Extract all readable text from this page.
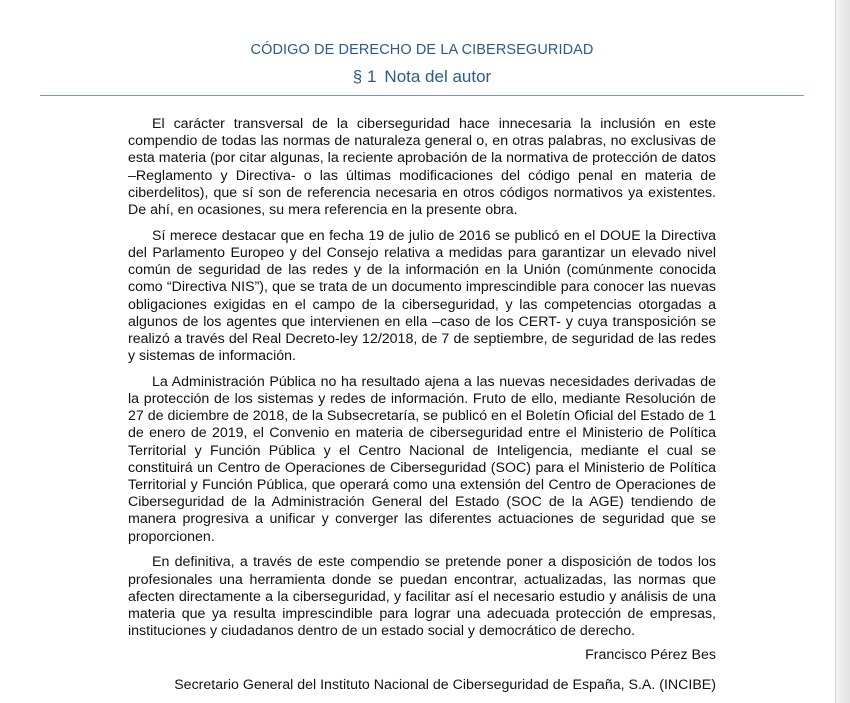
CÓDIGO DE DERECHO DE LA CIBERSEGURIDAD
§ 1 Nota del autor

El carácter transversal de la ciberseguridad hace innecesaria la inclusión en este compendio de todas las normas de naturaleza general o, en otras palabras, no exclusivas de esta materia (por citar algunas, la reciente aprobación de la normativa de protección de datos –Reglamento y Directiva- o las últimas modificaciones del código penal en materia de ciberdelitos), que sí son de referencia necesaria en otros códigos normativos ya existentes. De ahí, en ocasiones, su mera referencia en la presente obra.

Sí merece destacar que en fecha 19 de julio de 2016 se publicó en el DOUE la Directiva del Parlamento Europeo y del Consejo relativa a medidas para garantizar un elevado nivel común de seguridad de las redes y de la información en la Unión (comúnmente conocida como “Directiva NIS”), que se trata de un documento imprescindible para conocer las nuevas obligaciones exigidas en el campo de la ciberseguridad, y las competencias otorgadas a algunos de los agentes que intervienen en ella –caso de los CERT- y cuya transposición se realizó a través del Real Decreto-ley 12/2018, de 7 de septiembre, de seguridad de las redes y sistemas de información.

La Administración Pública no ha resultado ajena a las nuevas necesidades derivadas de la protección de los sistemas y redes de información. Fruto de ello, mediante Resolución de 27 de diciembre de 2018, de la Subsecretaría, se publicó en el Boletín Oficial del Estado de 1 de enero de 2019, el Convenio en materia de ciberseguridad entre el Ministerio de Política Territorial y Función Pública y el Centro Nacional de Inteligencia, mediante el cual se constituirá un Centro de Operaciones de Ciberseguridad (SOC) para el Ministerio de Política Territorial y Función Pública, que operará como una extensión del Centro de Operaciones de Ciberseguridad de la Administración General del Estado (SOC de la AGE) tendiendo de manera progresiva a unificar y converger las diferentes actuaciones de seguridad que se proporcionen.

En definitiva, a través de este compendio se pretende poner a disposición de todos los profesionales una herramienta donde se puedan encontrar, actualizadas, las normas que afecten directamente a la ciberseguridad, y facilitar así el necesario estudio y análisis de una materia que ya resulta imprescindible para lograr una adecuada protección de empresas, instituciones y ciudadanos dentro de un estado social y democrático de derecho.

Francisco Pérez Bes
Secretario General del Instituto Nacional de Ciberseguridad de España, S.A. (INCIBE)
